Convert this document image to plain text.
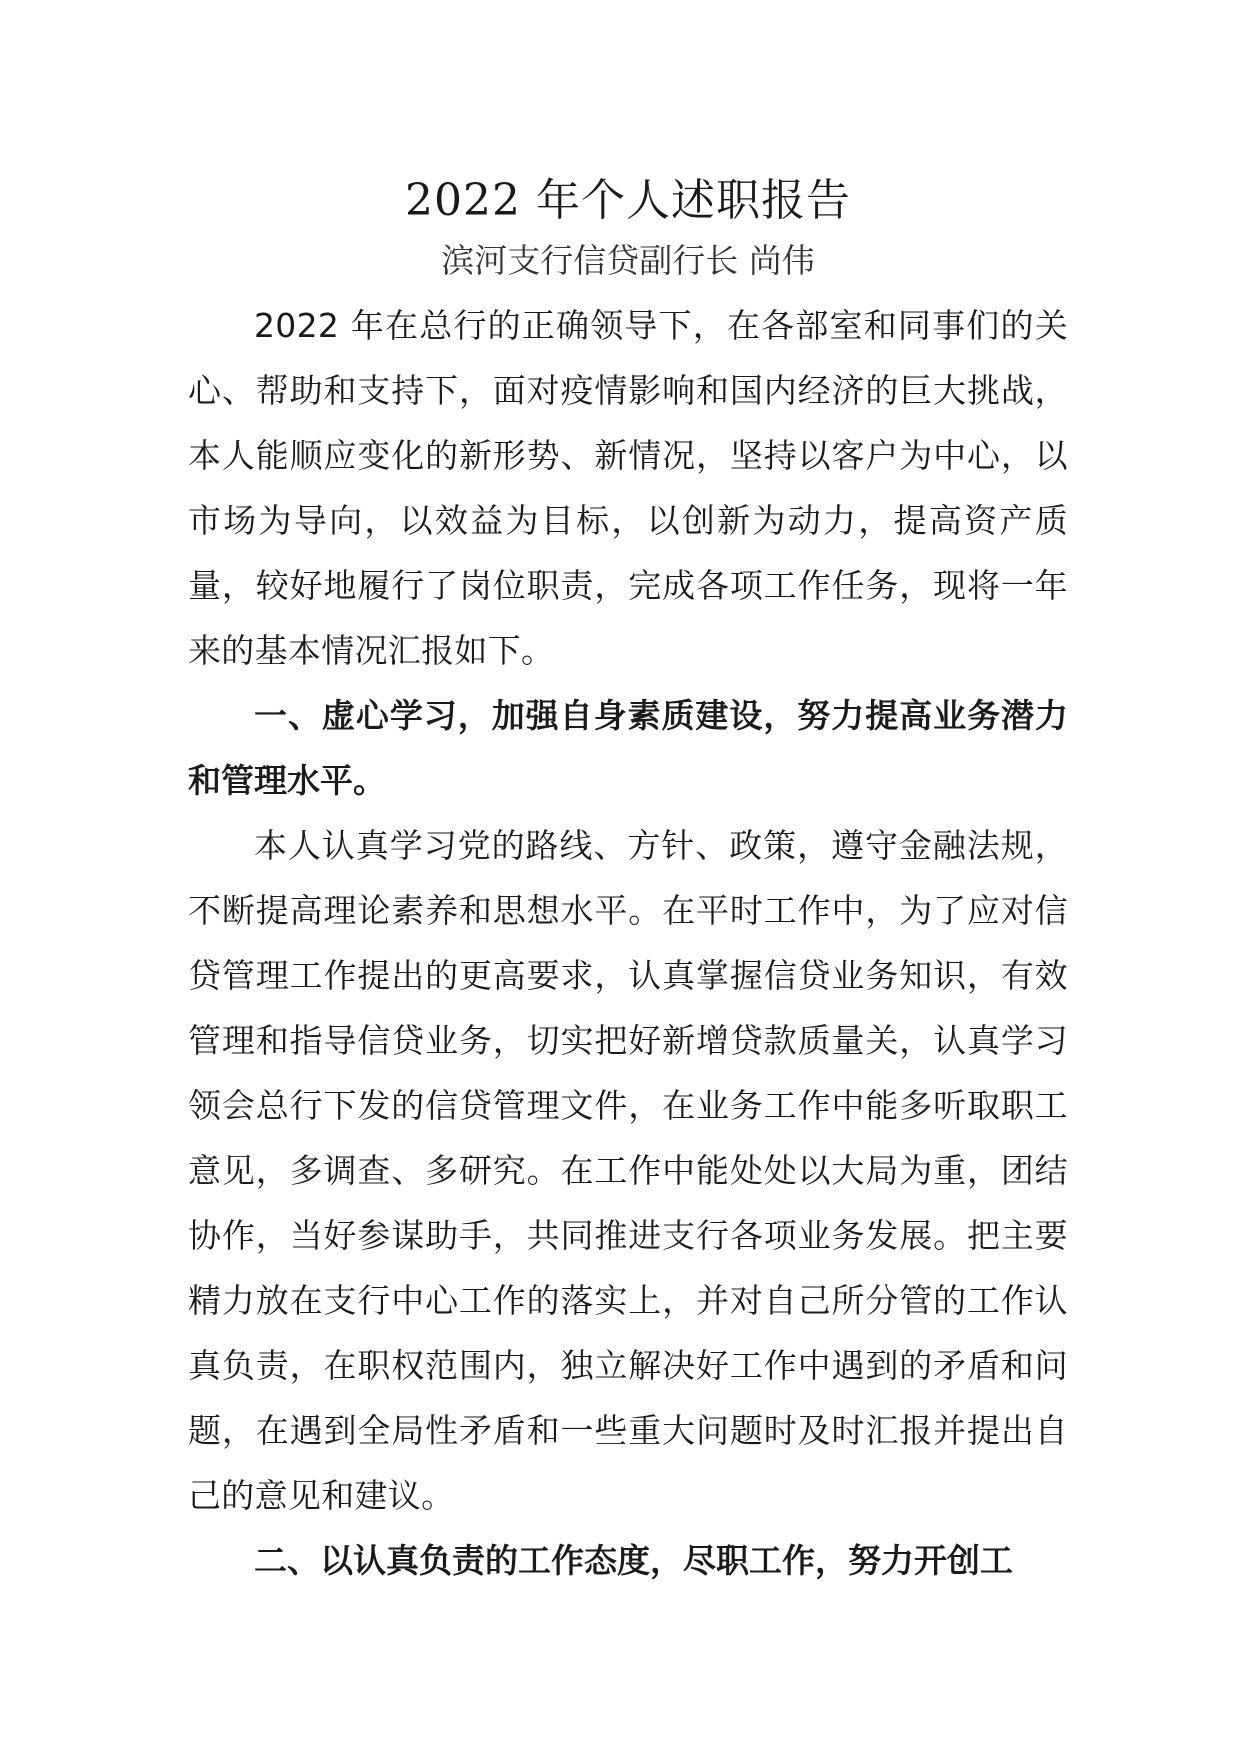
2022 年个人述职报告
滨河支行信贷副行长 尚伟

2022 年在总行的正确领导下，在各部室和同事们的关心、帮助和支持下，面对疫情影响和国内经济的巨大挑战，本人能顺应变化的新形势、新情况，坚持以客户为中心，以市场为导向，以效益为目标，以创新为动力，提高资产质量，较好地履行了岗位职责，完成各项工作任务，现将一年来的基本情况汇报如下。

一、虚心学习，加强自身素质建设，努力提高业务潜力和管理水平。

本人认真学习党的路线、方针、政策，遵守金融法规，不断提高理论素养和思想水平。在平时工作中，为了应对信贷管理工作提出的更高要求，认真掌握信贷业务知识，有效管理和指导信贷业务，切实把好新增贷款质量关，认真学习领会总行下发的信贷管理文件，在业务工作中能多听取职工意见，多调查、多研究。在工作中能处处以大局为重，团结协作，当好参谋助手，共同推进支行各项业务发展。把主要精力放在支行中心工作的落实上，并对自己所分管的工作认真负责，在职权范围内，独立解决好工作中遇到的矛盾和问题，在遇到全局性矛盾和一些重大问题时及时汇报并提出自己的意见和建议。

二、以认真负责的工作态度，尽职工作，努力开创工
